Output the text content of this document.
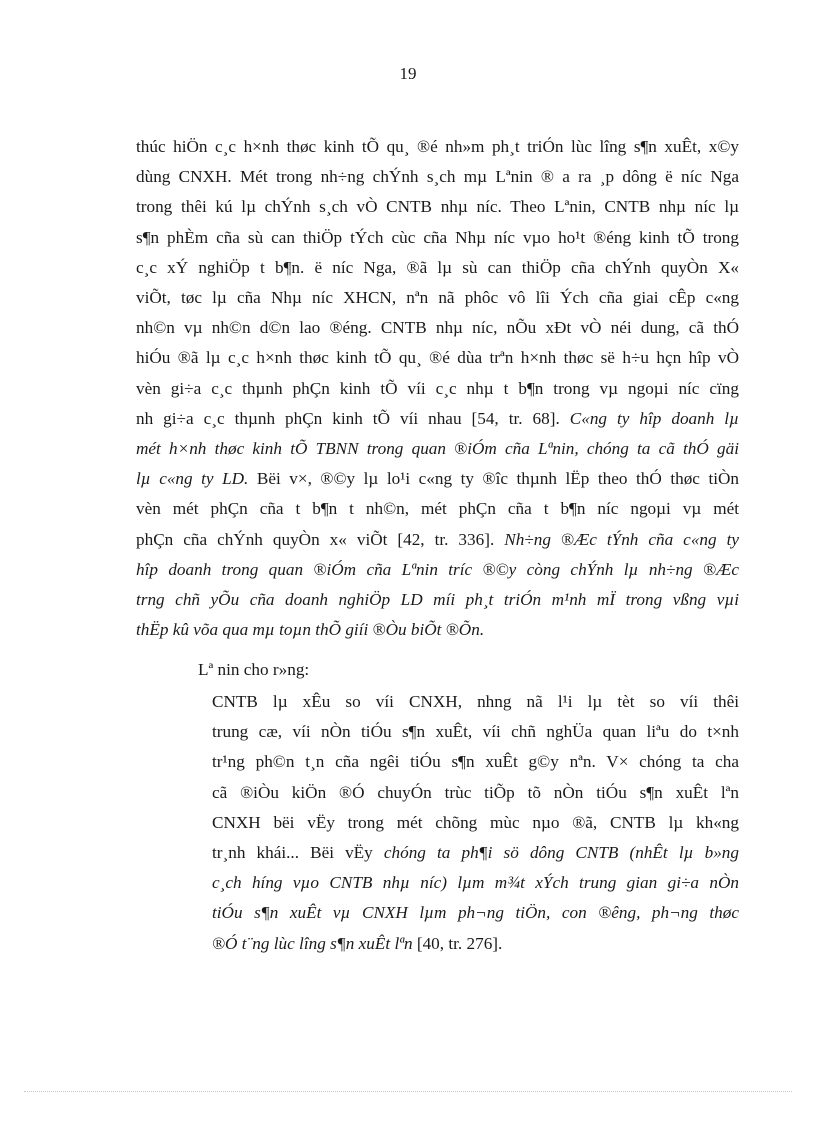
19
thúc hiÖn c¸c h×nh thøc kinh tÕ qu¸ ®é nh»m ph¸t triÓn lùc lîng s¶n xuÊt, x©y
dùng CNXH. Mét trong nh÷ng chÝnh s¸ch mµ Lªnin ® a ra ¸p dông ë níc Nga
trong thêi kú lµ chÝnh s¸ch vÒ CNTB nhµ níc. Theo Lªnin, CNTB nhµ níc lµ
s¶n phÈm cña sù can thiÖp tÝch cùc cña Nhµ níc vµo ho¹t ®éng kinh tÕ trong
c¸c xÝ nghiÖp t b¶n. ë níc Nga, ®ã lµ sù can thiÖp cña chÝnh quyÒn X«
viÕt, tøc lµ cña Nhµ níc XHCN, nªn nã phôc vô lîi Ých cña giai cÊp c«ng
nh©n vµ nh©n d©n lao ®éng. CNTB nhµ níc, nÕu xÐt vÒ néi dung, cã thÓ
hiÓu ®ã lµ c¸c h×nh thøc kinh tÕ qu¸ ®é dùa trªn h×nh thøc së h÷u hçn hîp vÒ
vèn gi÷a c¸c thµnh phÇn kinh tÕ víi c¸c nhµ t b¶n trong vµ ngoµi níc cïng
nh gi÷a c¸c thµnh phÇn kinh tÕ víi nhau [54, tr. 68]. C«ng ty hîp doanh lµ
mét h×nh thøc kinh tÕ TBNN trong quan ®iÓm cña Lªnin, chóng ta cã thÓ gäi
lµ c«ng ty LD. Bëi v×, ®©y lµ lo¹i c«ng ty ®îc thµnh lËp theo thÓ thøc tiÒn
vèn mét phÇn cña t b¶n t nh©n, mét phÇn cña t b¶n níc ngoµi vµ mét
phÇn cña chÝnh quyÒn x« viÕt [42, tr. 336]. Nh÷ng ®Æc tÝnh cña c«ng ty
hîp doanh trong quan ®iÓm cña Lªnin tríc ®©y còng chÝnh lµ nh÷ng ®Æc
trng chñ yÕu cña doanh nghiÖp LD míi ph¸t triÓn m¹nh mÏ trong vßng vµi
thËp kû võa qua mµ toµn thÕ giíi ®Òu biÕt ®Õn.
Lª nin cho r»ng:
CNTB lµ xÊu so víi CNXH, nhng nã l¹i lµ tèt so víi thêi
trung cæ, víi nÒn tiÓu s¶n xuÊt, víi chñ nghÜa quan liªu do t×nh
tr¹ng ph©n t¸n cña ngêi tiÓu s¶n xuÊt g©y nªn. V× chóng ta cha
cã ®iÒu kiÖn ®Ó chuyÓn trùc tiÕp tõ nÒn tiÓu s¶n xuÊt lªn
CNXH bëi vËy trong mét chõng mùc nµo ®ã, CNTB lµ kh«ng
tr¸nh khái... Bëi vËy chóng ta ph¶i sö dông CNTB (nhÊt lµ b»ng
c¸ch híng vµo CNTB nhµ níc) lµm m¾t xÝch trung gian gi÷a nÒn
tiÓu s¶n xuÊt vµ CNXH lµm ph¬ng tiÖn, con ®êng, ph¬ng thøc
®Ó t¨ng lùc lîng s¶n xuÊt lªn [40, tr. 276].
